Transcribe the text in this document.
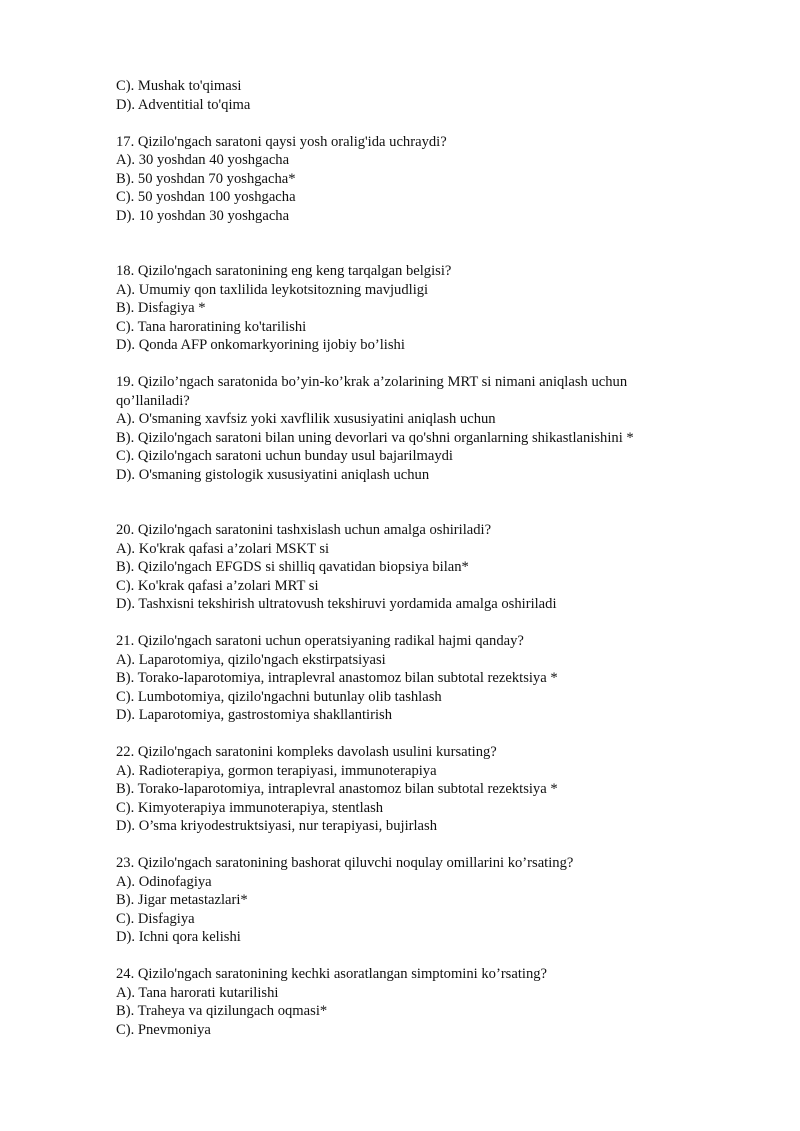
C). Mushak to'qimasi
D). Adventitial to'qima
17. Qizilo'ngach saratoni qaysi yosh oralig'ida uchraydi?
A). 30 yoshdan 40 yoshgacha
B). 50 yoshdan 70 yoshgacha*
C). 50 yoshdan 100 yoshgacha
D). 10 yoshdan 30 yoshgacha
18. Qizilo'ngach saratonining eng keng tarqalgan belgisi?
A). Umumiy qon taxlilida leykotsitozning mavjudligi
B). Disfagiya *
C). Tana haroratining ko'tarilishi
D). Qonda AFP onkomarkyorining ijobiy bo’lishi
19. Qizilo’ngach saratonida bo’yin-ko’krak a’zolarining MRT si nimani aniqlash uchun
qo’llaniladi?
A). O'smaning xavfsiz yoki xavflilik xususiyatini aniqlash uchun
B). Qizilo'ngach saratoni bilan uning devorlari va qo'shni organlarning shikastlanishini *
C). Qizilo'ngach saratoni uchun bunday usul bajarilmaydi
D). O'smaning gistologik xususiyatini aniqlash uchun
20. Qizilo'ngach saratonini tashxislash uchun amalga oshiriladi?
A). Ko'krak qafasi a’zolari MSKT si
B). Qizilo'ngach EFGDS si shilliq qavatidan biopsiya bilan*
C). Ko'krak qafasi a’zolari MRT si
D). Tashxisni tekshirish ultratovush tekshiruvi yordamida amalga oshiriladi
21. Qizilo'ngach saratoni uchun operatsiyaning radikal hajmi qanday?
A). Laparotomiya, qizilo'ngach ekstirpatsiyasi
B). Torako-laparotomiya, intraplevral anastomoz bilan subtotal rezektsiya *
C). Lumbotomiya, qizilo'ngachni butunlay olib tashlash
D). Laparotomiya, gastrostomiya shakllantirish
22. Qizilo'ngach saratonini kompleks davolash usulini kursating?
A). Radioterapiya, gormon terapiyasi, immunoterapiya
B). Torako-laparotomiya, intraplevral anastomoz bilan subtotal rezektsiya *
C). Kimyoterapiya immunoterapiya, stentlash
D). O’sma kriyodestruktsiyasi, nur terapiyasi, bujirlash
23. Qizilo'ngach saratonining bashorat qiluvchi noqulay omillarini ko’rsating?
A). Odinofagiya
B). Jigar metastazlari*
C). Disfagiya
D). Ichni qora kelishi
24. Qizilo'ngach saratonining kechki asoratlangan simptomini ko’rsating?
A). Tana harorati kutarilishi
B). Traheya va qizilungach oqmasi*
C). Pnevmoniya
